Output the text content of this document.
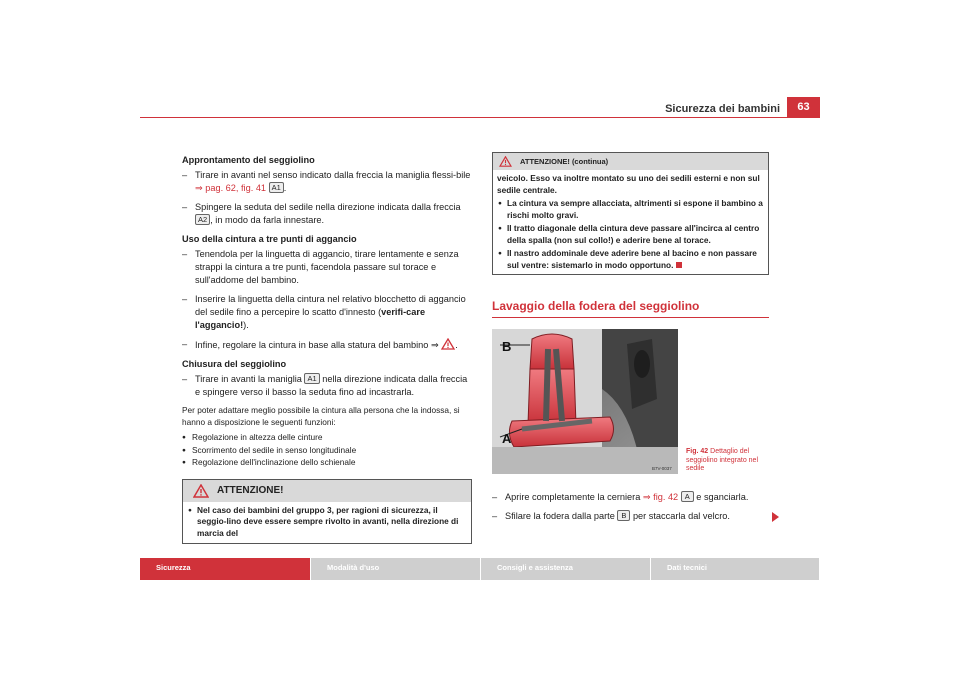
Sicurezza dei bambini	63
Approntamento del seggiolino
– Tirare in avanti nel senso indicato dalla freccia la maniglia flessi-bile ⇒ pag. 62, fig. 41 A1 .
– Spingere la seduta del sedile nella direzione indicata dalla freccia A2 , in modo da farla innestare.
Uso della cintura a tre punti di aggancio
– Tenendola per la linguetta di aggancio, tirare lentamente e senza strappi la cintura a tre punti, facendola passare sul torace e sull'addome del bambino.
– Inserire la linguetta della cintura nel relativo blocchetto di aggancio del sedile fino a percepire lo scatto d'innesto (verifi-care l'aggancio!).
– Infine, regolare la cintura in base alla statura del bambino ⇒ .
Chiusura del seggiolino
– Tirare in avanti la maniglia A1 nella direzione indicata dalla freccia e spingere verso il basso la seduta fino ad incastrarla.
Per poter adattare meglio possibile la cintura alla persona che la indossa, si hanno a disposizione le seguenti funzioni:
● Regolazione in altezza delle cinture
● Scorrimento del sedile in senso longitudinale
● Regolazione dell'inclinazione dello schienale
ATTENZIONE!
● Nel caso dei bambini del gruppo 3, per ragioni di sicurezza, il seggio-lino deve essere sempre rivolto in avanti, nella direzione di marcia del
ATTENZIONE! (continua)
veicolo. Esso va inoltre montato su uno dei sedili esterni e non sul sedile centrale.
● La cintura va sempre allacciata, altrimenti si espone il bambino a rischi molto gravi.
● Il tratto diagonale della cintura deve passare all'incirca al centro della spalla (non sul collo!) e aderire bene al torace.
● Il nastro addominale deve aderire bene al bacino e non passare sul ventre: sistemarlo in modo opportuno.
Lavaggio della fodera del seggiolino
B
A
B7V-0037
Fig. 42 Dettaglio del seggiolino integrato nel sedile
– Aprire completamente la cerniera ⇒ fig. 42 A e sganciarla.
– Sfilare la fodera dalla parte B per staccarla dal velcro.
Sicurezza	Modalità d'uso	Consigli e assistenza	Dati tecnici
